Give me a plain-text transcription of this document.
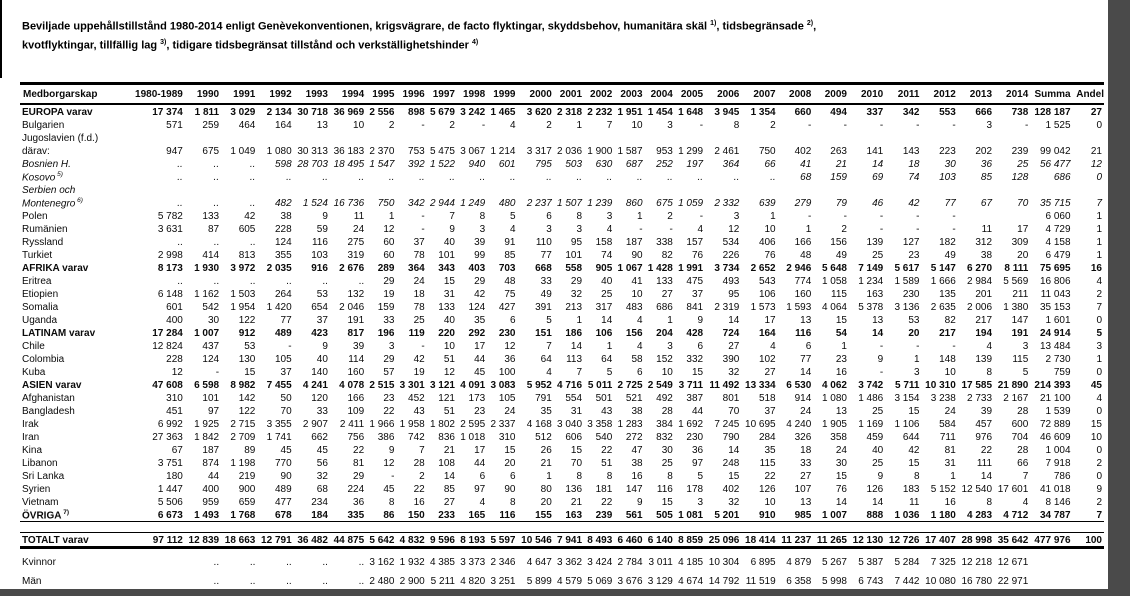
Beviljade uppehållstillstånd 1980-2014 enligt Genèvekonventionen, krigsvägrare, de facto flyktingar, skyddsbehov, humanitära skäl $^{1)}$, tidsbegränsade $^{2)}$,
kvotflyktingar, tillfällig lag $^{3)}$, tidigare tidsbegränsat tillstånd och verkställighetshinder $^{4)}$
Medborgarskap	1980-1989	1990	1991	1992	1993	1994	1995	1996	1997	1998	1999	2000	2001	2002	2003	2004	2005	2006	2007	2008	2009	2010	2011	2012	2013	2014	Summa	Andel
EUROPA varav	17 374	1 811	3 029	2 134	30 718	36 969	2 556	898	5 679	3 242	1 465	3 620	2 318	2 232	1 951	1 454	1 648	3 945	1 354	660	494	337	342	553	666	738	128 187	27
Bulgarien	571	259	464	164	13	10	2	-	2	-	4	2	1	7	10	3	-	8	2	-	-	-	-	-	3	-	1 525	0
Jugoslavien (f.d.)																												
därav:	947	675	1 049	1 080	30 313	36 183	2 370	753	5 475	3 067	1 214	3 317	2 036	1 900	1 587	953	1 299	2 461	750	402	263	141	143	223	202	239	99 042	21
Bosnien H.	..	..	..	598	28 703	18 495	1 547	392	1 522	940	601	795	503	630	687	252	197	364	66	41	21	14	18	30	36	25	56 477	12
Kosovo $^{5)}$	..	..	..	..	..	..	..	..	..	..	..	..	..	..	..	..	..	..	..	68	159	69	74	103	85	128	686	0
Serbien och																												
Montenegro $^{6)}$	..	..	..	482	1 524	16 736	750	342	2 944	1 249	480	2 237	1 507	1 239	860	675	1 059	2 332	639	279	79	46	42	77	67	70	35 715	7
Polen	5 782	133	42	38	9	11	1	-	7	8	5	6	8	3	1	2	-	3	1	-	-	-	-	-			6 060	1
Rumänien	3 631	87	605	228	59	24	12	-	9	3	4	3	3	4	-	-	4	12	10	1	2	-	-	-	11	17	4 729	1
Ryssland	..	..	..	124	116	275	60	37	40	39	91	110	95	158	187	338	157	534	406	166	156	139	127	182	312	309	4 158	1
Turkiet	2 998	414	813	355	103	319	60	78	101	99	85	77	101	74	90	82	76	226	76	48	49	25	23	49	38	20	6 479	1
AFRIKA varav	8 173	1 930	3 972	2 035	916	2 676	289	364	343	403	703	668	558	905	1 067	1 428	1 991	3 734	2 652	2 946	5 648	7 149	5 617	5 147	6 270	8 111	75 695	16
Eritrea	..	..	..	..	..	..	29	24	15	29	48	33	29	40	41	133	475	493	543	774	1 058	1 234	1 589	1 666	2 984	5 569	16 806	4
Etiopien	6 148	1 162	1 503	264	53	132	19	18	31	42	75	49	32	25	10	27	37	95	106	160	115	163	230	135	201	211	11 043	2
Somalia	601	542	1 954	1 420	654	2 046	159	78	133	124	427	391	213	317	483	686	841	2 319	1 573	1 593	4 064	5 378	3 136	2 635	2 006	1 380	35 153	7
Uganda	400	30	122	77	37	191	33	25	40	35	6	5	1	14	4	1	9	14	17	13	15	13	53	82	217	147	1 601	0
LATINAM varav	17 284	1 007	912	489	423	817	196	119	220	292	230	151	186	106	156	204	428	724	164	116	54	14	20	217	194	191	24 914	5
Chile	12 824	437	53	-	9	39	3	-	10	17	12	7	14	1	4	3	6	27	4	6	1	-	-	-	4	3	13 484	3
Colombia	228	124	130	105	40	114	29	42	51	44	36	64	113	64	58	152	332	390	102	77	23	9	1	148	139	115	2 730	1
Kuba	12	-	15	37	140	160	57	19	12	45	100	4	7	5	6	10	15	32	27	14	16	-	3	10	8	5	759	0
ASIEN varav	47 608	6 598	8 982	7 455	4 241	4 078	2 515	3 301	3 121	4 091	3 083	5 952	4 716	5 011	2 725	2 549	3 711	11 492	13 334	6 530	4 062	3 742	5 711	10 310	17 585	21 890	214 393	45
Afghanistan	310	101	142	50	120	166	23	452	121	173	105	791	554	501	521	492	387	801	518	914	1 080	1 486	3 154	3 238	2 733	2 167	21 100	4
Bangladesh	451	97	122	70	33	109	22	43	51	23	24	35	31	43	38	28	44	70	37	24	13	25	15	24	39	28	1 539	0
Irak	6 992	1 925	2 715	3 355	2 907	2 411	1 966	1 958	1 802	2 595	2 337	4 168	3 040	3 358	1 283	384	1 692	7 245	10 695	4 240	1 905	1 169	1 106	584	457	600	72 889	15
Iran	27 363	1 842	2 709	1 741	662	756	386	742	836	1 018	310	512	606	540	272	832	230	790	284	326	358	459	644	711	976	704	46 609	10
Kina	67	187	89	45	45	22	9	7	21	17	15	26	15	22	47	30	36	14	35	18	24	40	42	81	22	28	1 004	0
Libanon	3 751	874	1 198	770	56	81	12	28	108	44	20	21	70	51	38	25	97	248	115	33	30	25	15	31	111	66	7 918	2
Sri Lanka	180	44	219	90	32	29	-	2	14	6	6	1	8	8	16	8	5	15	22	27	15	9	8	1	14	7	786	0
Syrien	1 447	400	900	489	68	224	45	22	85	97	90	80	136	181	147	116	178	402	126	107	76	126	183	5 152	12 540	17 601	41 018	9
Vietnam	5 506	959	659	477	234	36	8	16	27	4	8	20	21	22	9	15	3	32	10	13	14	14	11	16	8	4	8 146	2
ÖVRIGA $^{7)}$	6 673	1 493	1 768	678	184	335	86	150	233	165	116	155	163	239	561	505	1 081	5 201	910	985	1 007	888	1 036	1 180	4 283	4 712	34 787	7

TOTALT varav	97 112	12 839	18 663	12 791	36 482	44 875	5 642	4 832	9 596	8 193	5 597	10 546	7 941	8 493	6 460	6 140	8 859	25 096	18 414	11 237	11 265	12 130	12 726	17 407	28 998	35 642	477 976	100
Kvinnor		..	..	..	..	..	3 162	1 932	4 385	3 373	2 346	4 647	3 362	3 424	2 784	3 011	4 185	10 304	6 895	4 879	5 267	5 387	5 284	7 325	12 218	12 671		
Män		..	..	..	..	..	2 480	2 900	5 211	4 820	3 251	5 899	4 579	5 069	3 676	3 129	4 674	14 792	11 519	6 358	5 998	6 743	7 442	10 080	16 780	22 971		
